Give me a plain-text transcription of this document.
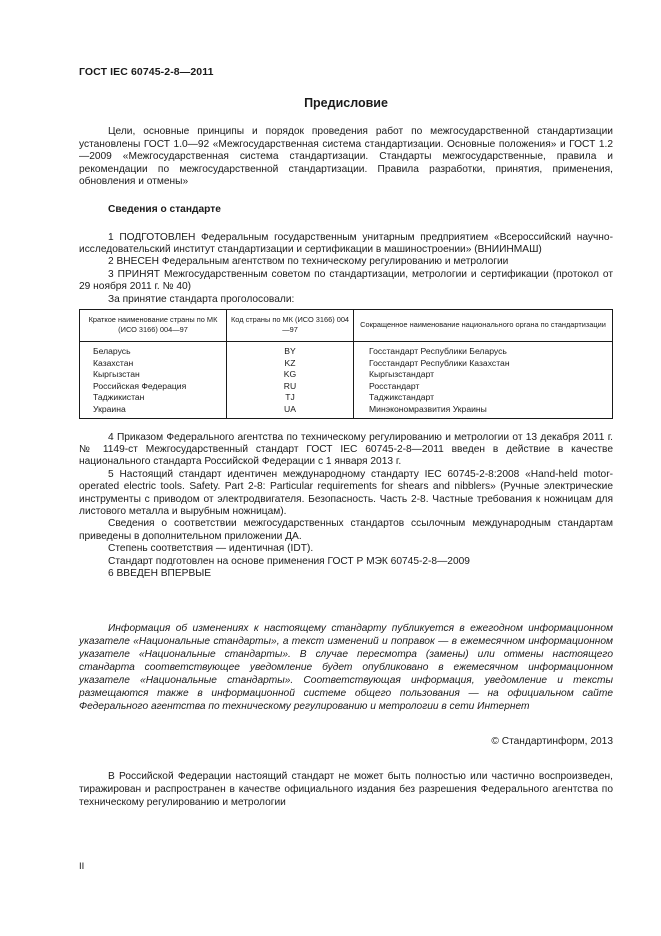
ГОСТ IEC 60745-2-8—2011
Предисловие

Цели, основные принципы и порядок проведения работ по межгосударственной стандартизации установлены ГОСТ 1.0—92 «Межгосударственная система стандартизации. Основные положения» и ГОСТ 1.2—2009 «Межгосударственная система стандартизации. Стандарты межгосударственные, правила и рекомендации по межгосударственной стандартизации. Правила разработки, принятия, применения, обновления и отмены»

Сведения о стандарте

1 ПОДГОТОВЛЕН Федеральным государственным унитарным предприятием «Всероссийский научно-исследовательский институт стандартизации и сертификации в машиностроении» (ВНИИНМАШ)

2 ВНЕСЕН Федеральным агентством по техническому регулированию и метрологии

3 ПРИНЯТ Межгосударственным советом по стандартизации, метрологии и сертификации (протокол от 29 ноября 2011 г. № 40)

За принятие стандарта проголосовали:

Краткое наименование страны по МК (ИСО 3166) 004—97	Код страны по МК (ИСО 3166) 004—97	Сокращенное наименование национального органа по стандартизации
Беларусь	BY	Госстандарт Республики Беларусь
Казахстан	KZ	Госстандарт Республики Казахстан
Кыргызстан	KG	Кыргызстандарт
Российская Федерация	RU	Росстандарт
Таджикистан	TJ	Таджикстандарт
Украина	UA	Минэкономразвития Украины

4 Приказом Федерального агентства по техническому регулированию и метрологии от 13 декабря 2011 г. № 1149-ст Межгосударственный стандарт ГОСТ IEC 60745-2-8—2011 введен в действие в качестве национального стандарта Российской Федерации с 1 января 2013 г.

5 Настоящий стандарт идентичен международному стандарту IEC 60745-2-8:2008 «Hand-held motor-operated electric tools. Safety. Part 2-8: Particular requirements for shears and nibblers» (Ручные электрические инструменты с приводом от электродвигателя. Безопасность. Часть 2-8. Частные требования к ножницам для листового металла и вырубным ножницам).

Сведения о соответствии межгосударственных стандартов ссылочным международным стандартам приведены в дополнительном приложении ДА.

Степень соответствия — идентичная (IDT).

Стандарт подготовлен на основе применения ГОСТ Р МЭК 60745-2-8—2009

6 ВВЕДЕН ВПЕРВЫЕ

Информация об изменениях к настоящему стандарту публикуется в ежегодном информационном указателе «Национальные стандарты», а текст изменений и поправок — в ежемесячном информационном указателе «Национальные стандарты». В случае пересмотра (замены) или отмены настоящего стандарта соответствующее уведомление будет опубликовано в ежемесячном информационном указателе «Национальные стандарты». Соответствующая информация, уведомление и тексты размещаются также в информационной системе общего пользования — на официальном сайте Федерального агентства по техническому регулированию и метрологии в сети Интернет

© Стандартинформ, 2013

В Российской Федерации настоящий стандарт не может быть полностью или частично воспроизведен, тиражирован и распространен в качестве официального издания без разрешения Федерального агентства по техническому регулированию и метрологии

II
